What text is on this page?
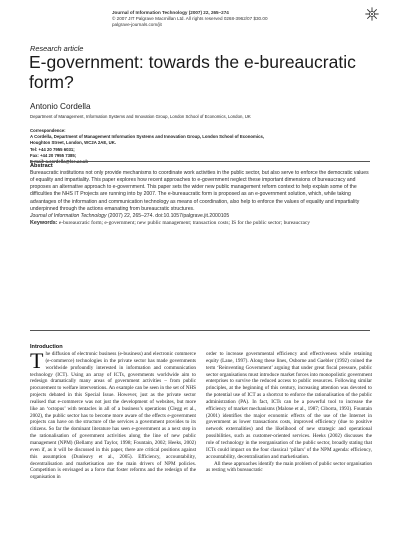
Journal of Information Technology (2007) 22, 265–274
© 2007 JIT Palgrave Macmillan Ltd. All rights reserved 0268-3962/07 $30.00
palgrave-journals.com/jit
Research article
E-government: towards the e-bureaucratic form?
Antonio Cordella
Department of Management, Information Systems and Innovation Group, London School of Economics, London, UK
Correspondence:
A Cordella, Department of Management Information Systems and Innovation Group, London School of Economics,
Houghton Street, London, WC2A 2AE, UK.
Tel: +44 20 7955 6031;
Fax: +44 20 7955 7385;
E-mail: a.cordella@lse.ac.uk
Abstract

Bureaucratic institutions not only provide mechanisms to coordinate work activities in the public sector, but also serve to enforce the democratic values of equality and impartiality. This paper explores how recent approaches to e-government neglect these important dimensions of bureaucracy and proposes an alternative approach to e-government. This paper sets the wider new public management reform context to help explain some of the difficulties the NHS IT Projects are running into by 2007. The e-bureaucratic form is proposed as an e-government solution, which, while taking advantages of the information and communication technology as means of coordination, also help to enforce the values of equality and impartiality underpinned through the actions emanating from bureaucratic structures.

Journal of Information Technology (2007) 22, 265–274. doi:10.1057/palgrave.jit.2000105

Keywords: e-bureaucratic form; e-government; new public management; transaction costs; IS for the public sector; bureaucracy

Introduction

The diffusion of electronic business (e-business) and electronic commerce (e-commerce) technologies in the private sector has made governments worldwide profoundly interested in information and communication technology (ICT). Using an array of ICTs, governments worldwide aim to redesign dramatically many areas of government activities – from public procurement to welfare interventions. An example can be seen in the set of NHS projects debated in this Special Issue. However, just as the private sector realised that e-commerce was not just the development of websites, but more like an ‘octopus’ with tentacles in all of a business’s operations (Clegg et al., 2002), the public sector has to become more aware of the effects e-government projects can have on the structure of the services a government provides to its citizens. So far the dominant literature has seen e-government as a next step in the rationalisation of government activities along the line of new public management (NPM) (Bellamy and Taylor, 1998; Fountain, 2002; Heeks, 2002) even if, as it will be discussed in this paper, there are critical positions against this assumption (Dunleavy et al., 2005). Efficiency, accountability, decentralisation and marketisation are the main drivers of NPM policies. Competition is envisaged as a force that foster reforms and the redesign of the organisation in

order to increase governmental efficiency and effectiveness while retaining equity (Lane, 1997). Along these lines, Osborne and Gaebler (1992) coined the term ‘Reinventing Government’ arguing that under great fiscal pressure, public sector organisations must introduce market forces into monopolistic government enterprises to survive the reduced access to public resources. Following similar principles, at the beginning of this century, increasing attention was devoted to the potential use of ICT as a shortcut to enforce the rationalisation of the public administration (PA). In fact, ICTs can be a powerful tool to increase the efficiency of market mechanisms (Malone et al., 1987; Ciborra, 1993). Fountain (2001) identifies the major economic effects of the use of the Internet in government as lower transactions costs, improved efficiency (due to positive network externalities) and the likelihood of new strategic and operational possibilities, such as customer-oriented services. Heeks (2002) discusses the role of technology in the reorganisation of the public sector, broadly stating that ICTs could impact on the four classical ‘pillars’ of the NPM agenda: efficiency, accountability, decentralisation and marketisation.

All these approaches identify the main problem of public sector organisation as resting with bureaucratic
